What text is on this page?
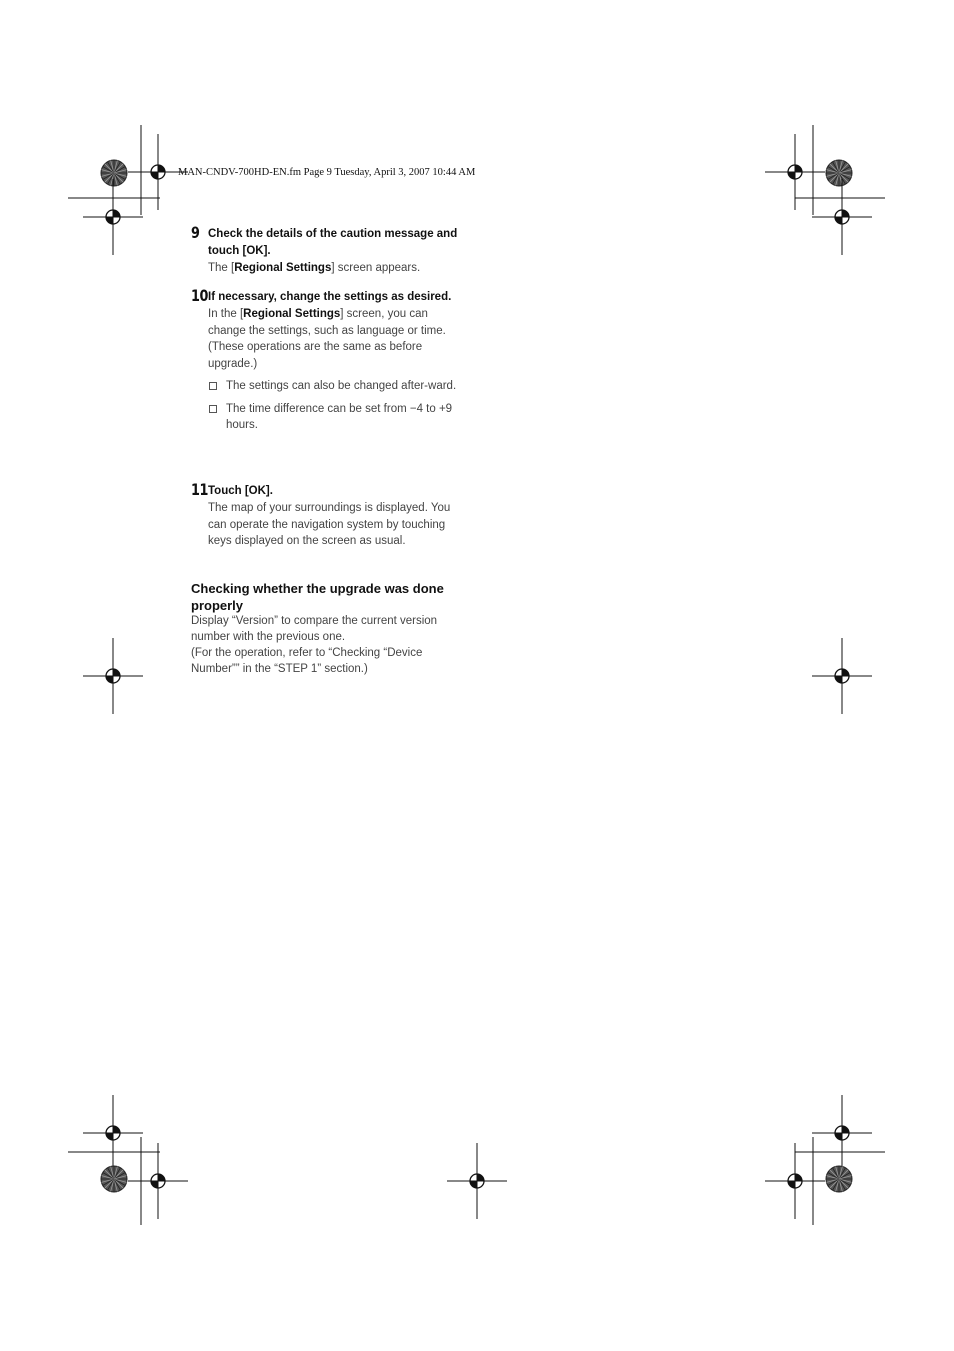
MAN-CNDV-700HD-EN.fm Page 9 Tuesday, April 3, 2007 10:44 AM
9 Check the details of the caution message and touch [OK].
The [Regional Settings] screen appears.
10 If necessary, change the settings as desired.
In the [Regional Settings] screen, you can change the settings, such as language or time. (These operations are the same as before upgrade.)
The settings can also be changed after-ward.
The time difference can be set from −4 to +9 hours.
11 Touch [OK].
The map of your surroundings is displayed. You can operate the navigation system by touching keys displayed on the screen as usual.
Checking whether the upgrade was done properly
Display “Version” to compare the current version number with the previous one.
(For the operation, refer to “Checking “Device Number”” in the “STEP 1” section.)
